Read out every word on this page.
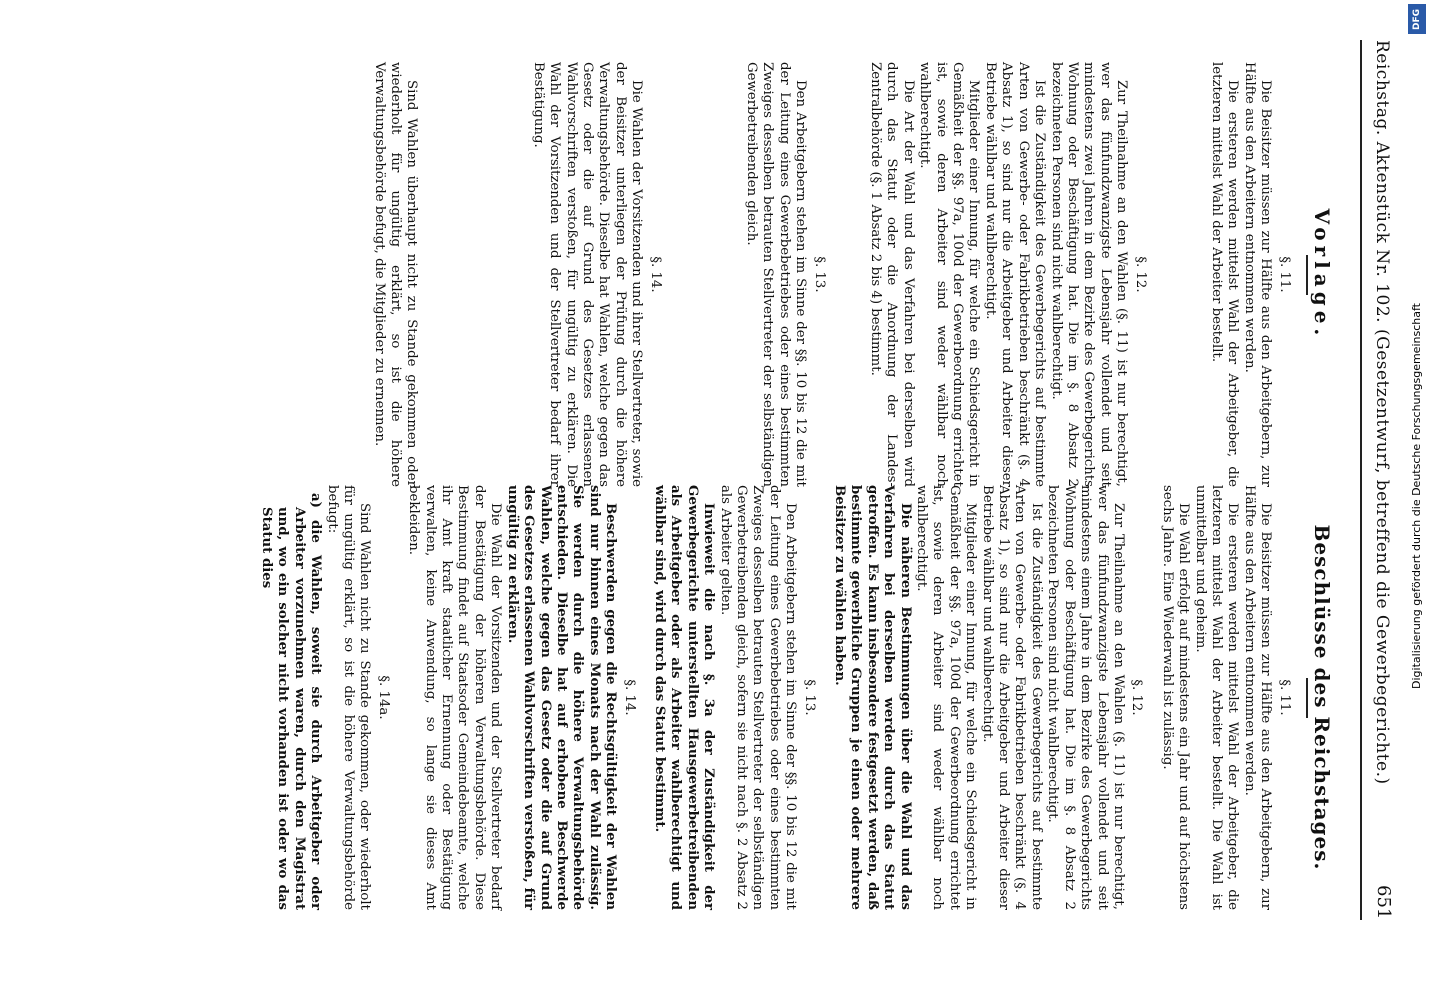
Reichstag. Aktenstück Nr. 102. (Gesetzentwurf, betreffend die Gewerbegerichte.)
651
Vorlage.
§. 11.

Die Beisitzer müssen zur Hälfte aus den Arbeitgebern, zur Hälfte aus den Arbeitern entnommen werden.

Die ersteren werden mittelst Wahl der Arbeitgeber, die letzteren mittelst Wahl der Arbeiter bestellt.

§. 12.

Zur Theilnahme an den Wahlen (§. 11) ist nur berechtigt, wer das fünfundzwanzigste Lebensjahr vollendet und seit mindestens zwei Jahren in dem Bezirke des Gewerbegerichts Wohnung oder Beschäftigung hat. Die im §. 8 Absatz 2 bezeichneten Personen sind nicht wahlberechtigt.

Ist die Zuständigkeit des Gewerbegerichts auf bestimmte Arten von Gewerbe- oder Fabrikbetrieben beschränkt (§. 4 Absatz 1), so sind nur die Arbeitgeber und Arbeiter dieser Betriebe wählbar und wahlberechtigt.

Mitglieder einer Innung, für welche ein Schiedsgericht in Gemäßheit der §§. 97a, 100d der Gewerbeordnung errichtet ist, sowie deren Arbeiter sind weder wählbar noch wahlberechtigt.

Die Art der Wahl und das Verfahren bei derselben wird durch das Statut oder die Anordnung der Landes-Zentralbehörde (§. 1 Absatz 2 bis 4) bestimmt.

§. 13.

Den Arbeitgebern stehen im Sinne der §§. 10 bis 12 die mit der Leitung eines Gewerbebetriebes oder eines bestimmten Zweiges desselben betrauten Stellvertreter der selbständigen Gewerbetreibenden gleich.

§. 14.

Die Wahlen der Vorsitzenden und ihrer Stellvertreter, sowie der Beisitzer unterliegen der Prüfung durch die höhere Verwaltungsbehörde. Dieselbe hat Wahlen, welche gegen das Gesetz oder die auf Grund des Gesetzes erlassenen Wahlvorschriften verstoßen, für ungültig zu erklären. Die Wahl der Vorsitzenden und der Stellvertreter bedarf ihrer Bestätigung.

Sind Wahlen überhaupt nicht zu Stande gekommen oder wiederholt für ungültig erklärt, so ist die höhere Verwaltungsbehörde befugt, die Mitglieder zu ernennen.

Beschlüsse des Reichstages.
§. 11.

Die Beisitzer müssen zur Hälfte aus den Arbeitgebern, zur Hälfte aus den Arbeitern entnommen werden.

Die ersteren werden mittelst Wahl der Arbeitgeber, die letzteren mittelst Wahl der Arbeiter bestellt. Die Wahl ist unmittelbar und geheim.

Die Wahl erfolgt auf mindestens ein Jahr und auf höchstens sechs Jahre. Eine Wiederwahl ist zulässig.

§. 12.

Zur Theilnahme an den Wahlen (§. 11) ist nur berechtigt, wer das fünfundzwanzigste Lebensjahr vollendet und seit mindestens einem Jahre in dem Bezirke des Gewerbegerichts Wohnung oder Beschäftigung hat. Die im §. 8 Absatz 2 bezeichneten Personen sind nicht wahlberechtigt.

Ist die Zuständigkeit des Gewerbegerichts auf bestimmte Arten von Gewerbe- oder Fabrikbetrieben beschränkt (§. 4 Absatz 1), so sind nur die Arbeitgeber und Arbeiter dieser Betriebe wählbar und wahlberechtigt.

Mitglieder einer Innung, für welche ein Schiedsgericht in Gemäßheit der §§. 97a, 100d der Gewerbeordnung errichtet ist, sowie deren Arbeiter sind weder wählbar noch wahlberechtigt.

Die näheren Bestimmungen über die Wahl und das Verfahren bei derselben werden durch das Statut getroffen. Es kann insbesondere festgesetzt werden, daß bestimmte gewerbliche Gruppen je einen oder mehrere Beisitzer zu wählen haben.

§. 13.

Den Arbeitgebern stehen im Sinne der §§. 10 bis 12 die mit der Leitung eines Gewerbebetriebes oder eines bestimmten Zweiges desselben betrauten Stellvertreter der selbständigen Gewerbetreibenden gleich, sofern sie nicht nach §. 2 Absatz 2 als Arbeiter gelten.

Inwieweit die nach §. 3a der Zuständigkeit der Gewerbegerichte unterstellten Hausgewerbetreibenden als Arbeitgeber oder als Arbeiter wahlberechtigt und wählbar sind, wird durch das Statut bestimmt.

§. 14.

Beschwerden gegen die Rechtsgültigkeit der Wahlen sind nur binnen eines Monats nach der Wahl zulässig. Sie werden durch die höhere Verwaltungsbehörde entschieden. Dieselbe hat auf erhobene Beschwerde Wahlen, welche gegen das Gesetz oder die auf Grund des Gesetzes erlassenen Wahlvorschriften verstoßen, für ungültig zu erklären.

Die Wahl der Vorsitzenden und der Stellvertreter bedarf der Bestätigung der höheren Verwaltungsbehörde. Diese Bestimmung findet auf Staatsoder Gemeindebeamte, welche ihr Amt kraft staatlicher Ernennung oder Bestätigung verwalten, keine Anwendung, so lange sie dieses Amt bekleiden.

§. 14a.

Sind Wahlen nicht zu Stande gekommen, oder wiederholt für ungültig erklärt, so ist die höhere Verwaltungsbehörde befugt:

a) die Wahlen, soweit sie durch Arbeitgeber oder Arbeiter vorzunehmen waren, durch den Magistrat und, wo ein solcher nicht vorhanden ist oder wo das Statut dies

DFG
Digitalisierung gefördert durch die Deutsche Forschungsgemeinschaft
